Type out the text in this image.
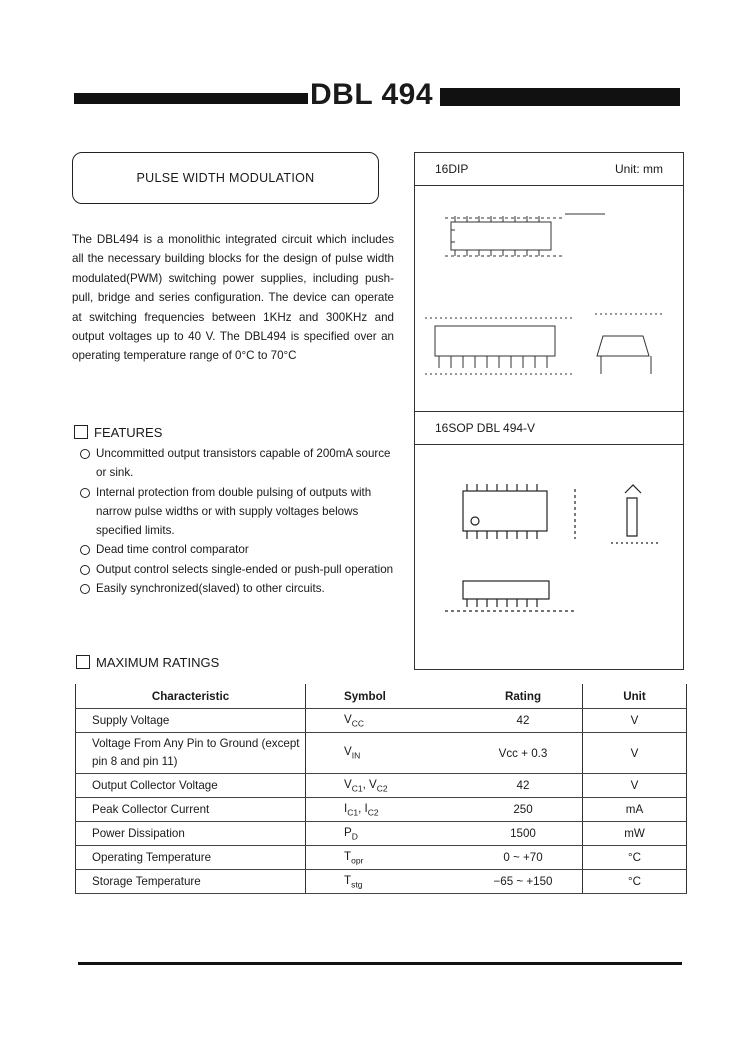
DBL 494
PULSE WIDTH MODULATION
The DBL494 is a monolithic integrated circuit which includes all the necessary building blocks for the design of pulse width modulated(PWM) switching power supplies, including push-pull, bridge and series configuration. The device can operate at switching frequencies between 1KHz and 300KHz and output voltages up to 40 V. The DBL494 is specified over an operating temperature range of 0°C to 70°C
FEATURES
Uncommitted output transistors capable of 200mA source or sink.
Internal protection from double pulsing of outputs with narrow pulse widths or with supply voltages belows specified limits.
Dead time control comparator
Output control selects single-ended or push-pull operation
Easily synchronized(slaved) to other circuits.
16DIP	Unit: mm
16SOP DBL 494-V
MAXIMUM RATINGS
Characteristic	Symbol	Rating	Unit
Supply Voltage	$V_{CC}$	42	V
Voltage From Any Pin to Ground (except pin 8 and pin 11)	$V_{IN}$	Vcc + 0.3	V
Output Collector Voltage	$V_{C1}$, $V_{C2}$	42	V
Peak Collector Current	$I_{C1}$, $I_{C2}$	250	mA
Power Dissipation	$P_D$	1500	mW
Operating Temperature	$T_{opr}$	0 ~ +70	°C
Storage Temperature	$T_{stg}$	−65 ~ +150	°C
